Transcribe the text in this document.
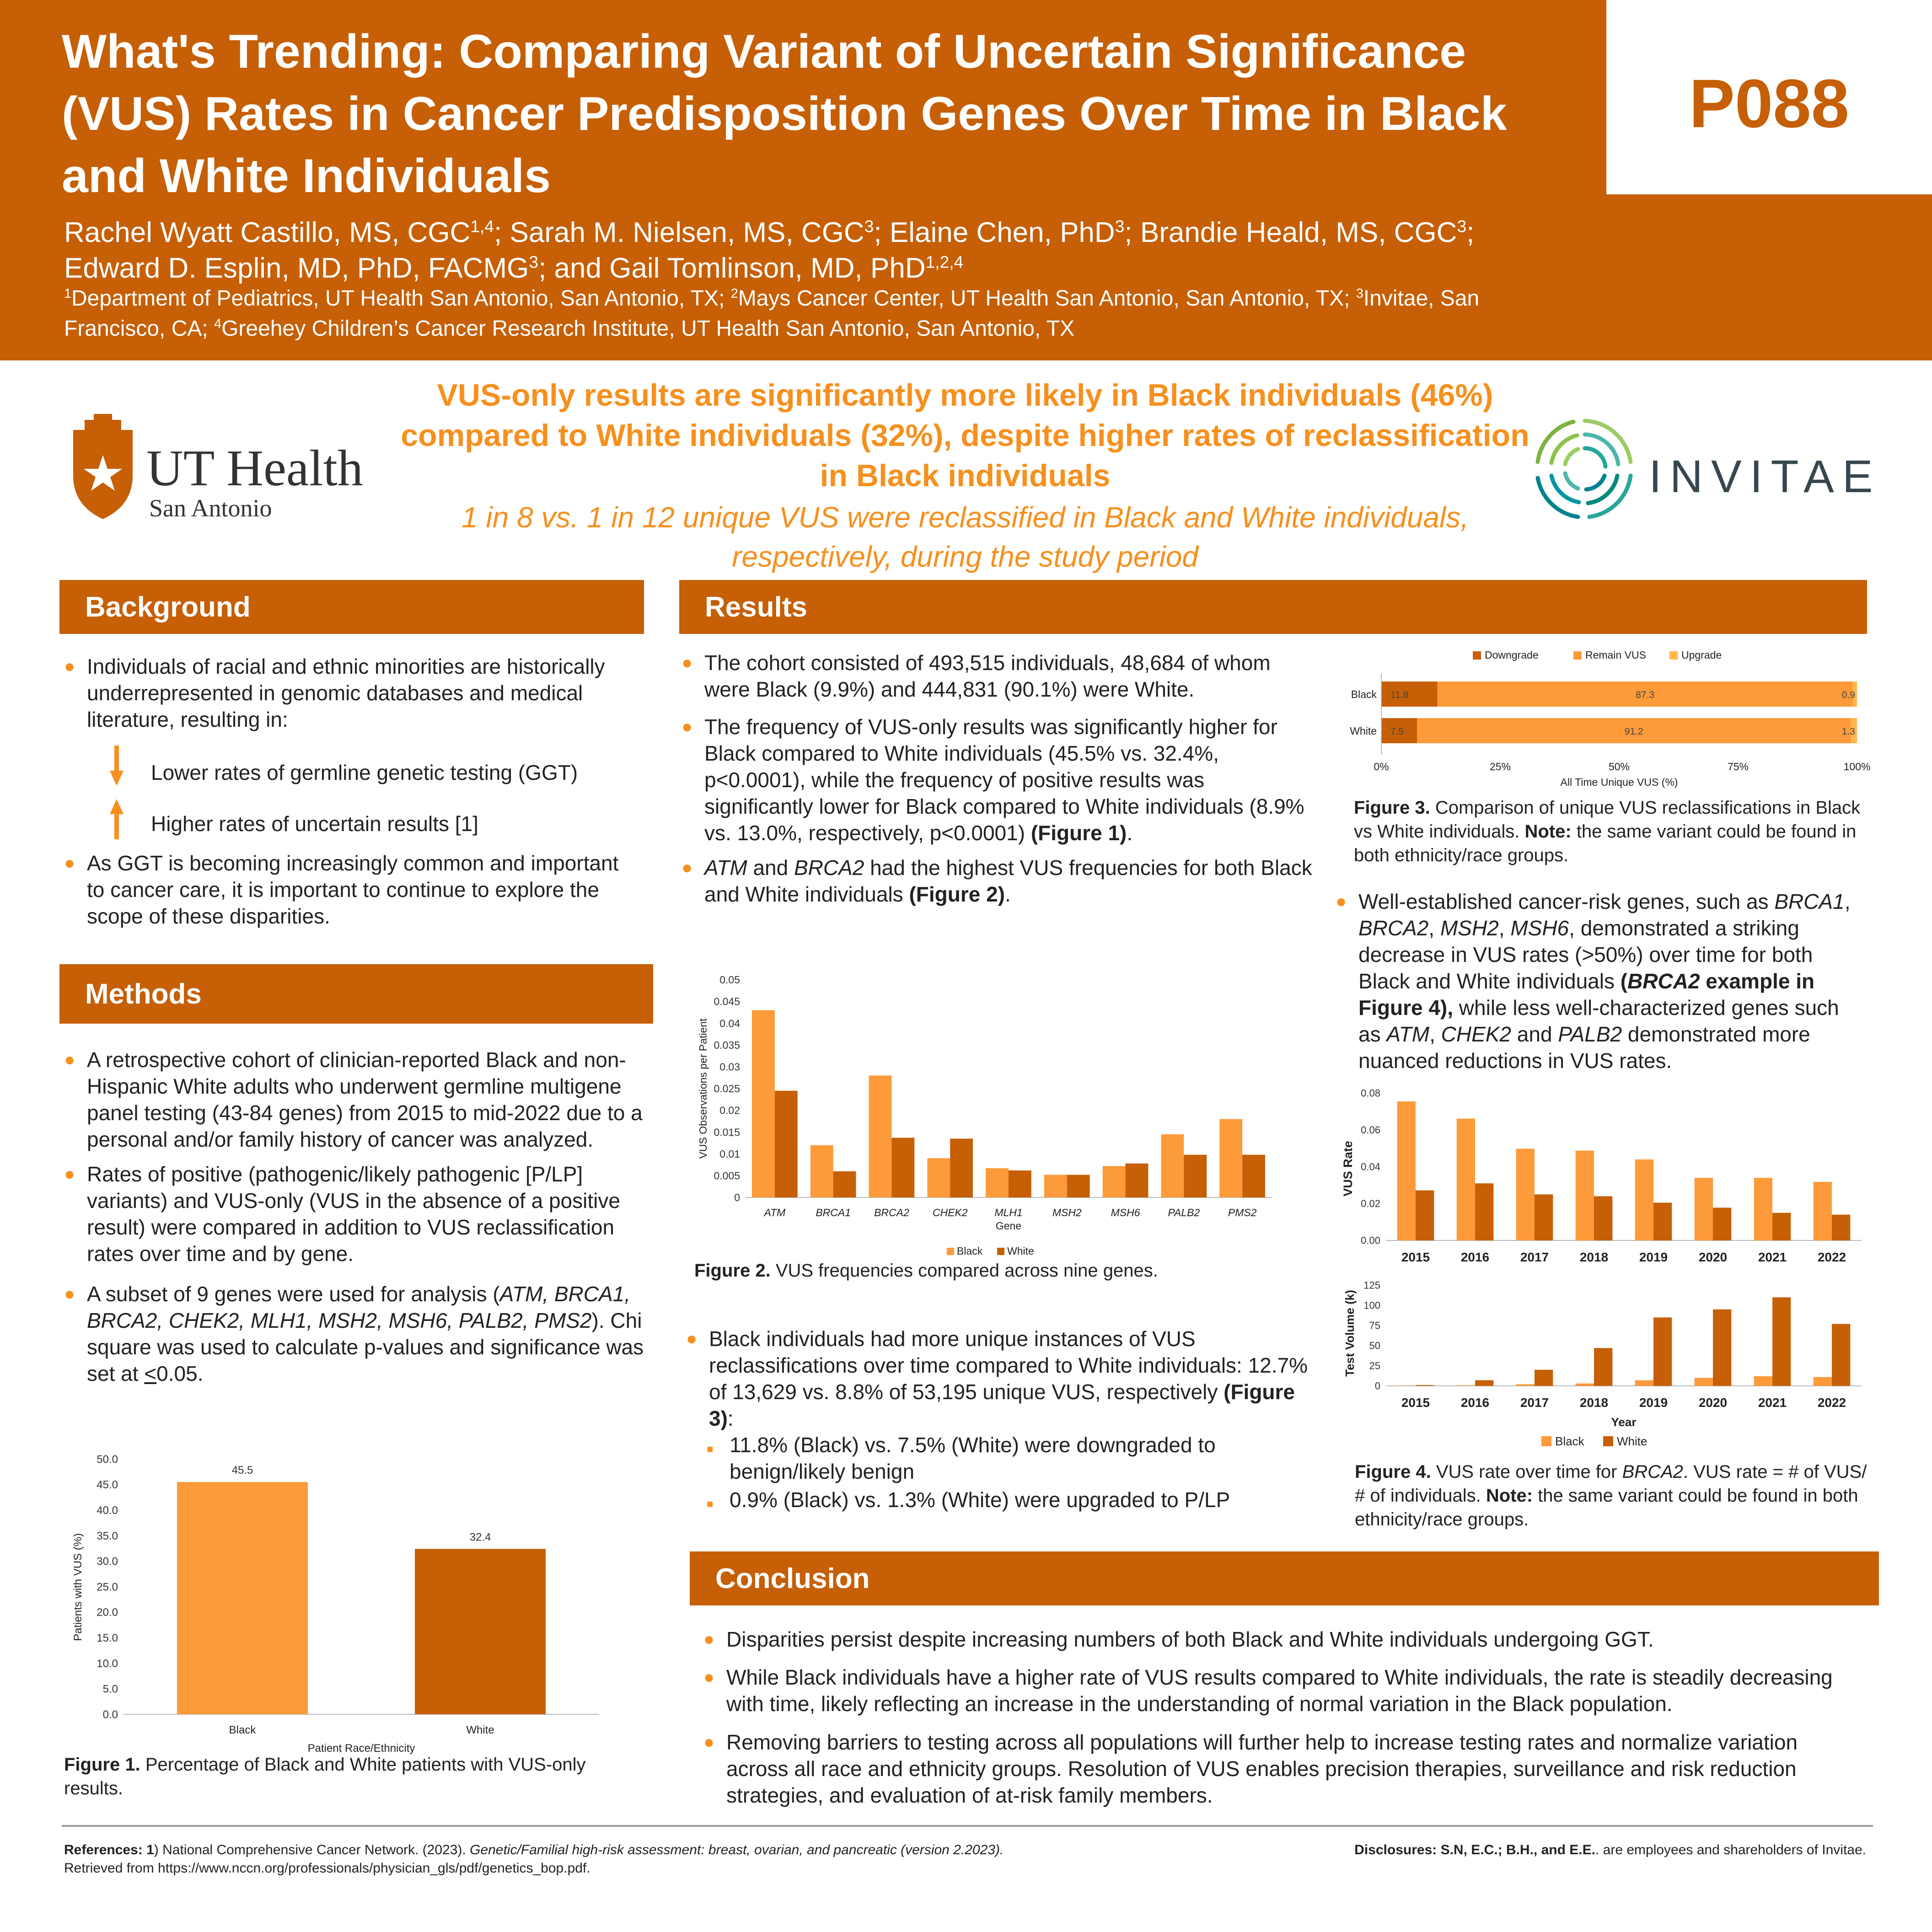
What's Trending: Comparing Variant of Uncertain Significance (VUS) Rates in Cancer Predisposition Genes Over Time in Black and White Individuals
P088
Rachel Wyatt Castillo, MS, CGC$^{1,4}$; Sarah M. Nielsen, MS, CGC$^3$; Elaine Chen, PhD$^3$; Brandie Heald, MS, CGC$^3$; Edward D. Esplin, MD, PhD, FACMG$^3$; and Gail Tomlinson, MD, PhD$^{1,2,4}$
$^1$Department of Pediatrics, UT Health San Antonio, San Antonio, TX; $^2$Mays Cancer Center, UT Health San Antonio, San Antonio, TX; $^3$Invitae, San Francisco, CA; $^4$Greehey Children’s Cancer Research Institute, UT Health San Antonio, San Antonio, TX
UT Health
San Antonio
INVITAE
VUS-only results are significantly more likely in Black individuals (46%) compared to White individuals (32%), despite higher rates of reclassification in Black individuals
1 in 8 vs. 1 in 12 unique VUS were reclassified in Black and White individuals, respectively, during the study period
Background
● Individuals of racial and ethnic minorities are historically underrepresented in genomic databases and medical literature, resulting in:
Lower rates of germline genetic testing (GGT)
Higher rates of uncertain results [1]
● As GGT is becoming increasingly common and important to cancer care, it is important to continue to explore the scope of these disparities.
Methods
● A retrospective cohort of clinician-reported Black and non-Hispanic White adults who underwent germline multigene panel testing (43-84 genes) from 2015 to mid-2022 due to a personal and/or family history of cancer was analyzed.
● Rates of positive (pathogenic/likely pathogenic [P/LP] variants) and VUS-only (VUS in the absence of a positive result) were compared in addition to VUS reclassification rates over time and by gene.
● A subset of 9 genes were used for analysis (ATM, BRCA1, BRCA2, CHEK2, MLH1, MSH2, MSH6, PALB2, PMS2). Chi square was used to calculate p-values and significance was set at ≤0.05.
0.0
5.0
10.0
15.0
20.0
25.0
30.0
35.0
40.0
45.0
50.0
45.5
Black
32.4
White
Patient Race/Ethnicity
Patients with VUS (%)
Figure 1. Percentage of Black and White patients with VUS-only results.
Results
● The cohort consisted of 493,515 individuals, 48,684 of whom were Black (9.9%) and 444,831 (90.1%) were White.
● The frequency of VUS-only results was significantly higher for Black compared to White individuals (45.5% vs. 32.4%, p<0.0001), while the frequency of positive results was significantly lower for Black compared to White individuals (8.9% vs. 13.0%, respectively, p<0.0001) (Figure 1).
● ATM and BRCA2 had the highest VUS frequencies for both Black and White individuals (Figure 2).
0
0.005
0.01
0.015
0.02
0.025
0.03
0.035
0.04
0.045
0.05
ATM	BRCA1 BRCA2 CHEK2	MLH1	MSH2	MSH6	PALB2	PMS2
Gene
VUS Observations per Patient
Black White
Figure 2. VUS frequencies compared across nine genes.
● Black individuals had more unique instances of VUS reclassifications over time compared to White individuals: 12.7% of 13,629 vs. 8.8% of 53,195 unique VUS, respectively (Figure 3):
■ 11.8% (Black) vs. 7.5% (White) were downgraded to benign/likely benign
■ 0.9% (Black) vs. 1.3% (White) were upgraded to P/LP
Downgrade	Remain VUS	Upgrade
Black 11.8	87.3	0.9
White 7.5	91.2	1.3
0%	25%	50%	75%	100%
All Time Unique VUS (%)
Figure 3. Comparison of unique VUS reclassifications in Black vs White individuals. Note: the same variant could be found in both ethnicity/race groups.
● Well-established cancer-risk genes, such as BRCA1, BRCA2, MSH2, MSH6, demonstrated a striking decrease in VUS rates (>50%) over time for both Black and White individuals (BRCA2 example in Figure 4), while less well-characterized genes such as ATM, CHEK2 and PALB2 demonstrated more nuanced reductions in VUS rates.
0.00
0.02
0.04
0.06
0.08
2015 2016 2017 2018 2019 2020 2021 2022
VUS Rate
0
25
50
75
100
125
2015 2016 2017 2018 2019 2020 2021 2022
Year
Test Volume (k)
Black	White
Figure 4. VUS rate over time for BRCA2. VUS rate = # of VUS/ # of individuals. Note: the same variant could be found in both ethnicity/race groups.
Conclusion
● Disparities persist despite increasing numbers of both Black and White individuals undergoing GGT.
● While Black individuals have a higher rate of VUS results compared to White individuals, the rate is steadily decreasing with time, likely reflecting an increase in the understanding of normal variation in the Black population.
● Removing barriers to testing across all populations will further help to increase testing rates and normalize variation across all race and ethnicity groups. Resolution of VUS enables precision therapies, surveillance and risk reduction strategies, and evaluation of at-risk family members.
References: 1) National Comprehensive Cancer Network. (2023). Genetic/Familial high-risk assessment: breast, ovarian, and pancreatic (version 2.2023). Retrieved from https://www.nccn.org/professionals/physician_gls/pdf/genetics_bop.pdf.
Disclosures: S.N, E.C.; B.H., and E.E.. are employees and shareholders of Invitae.
